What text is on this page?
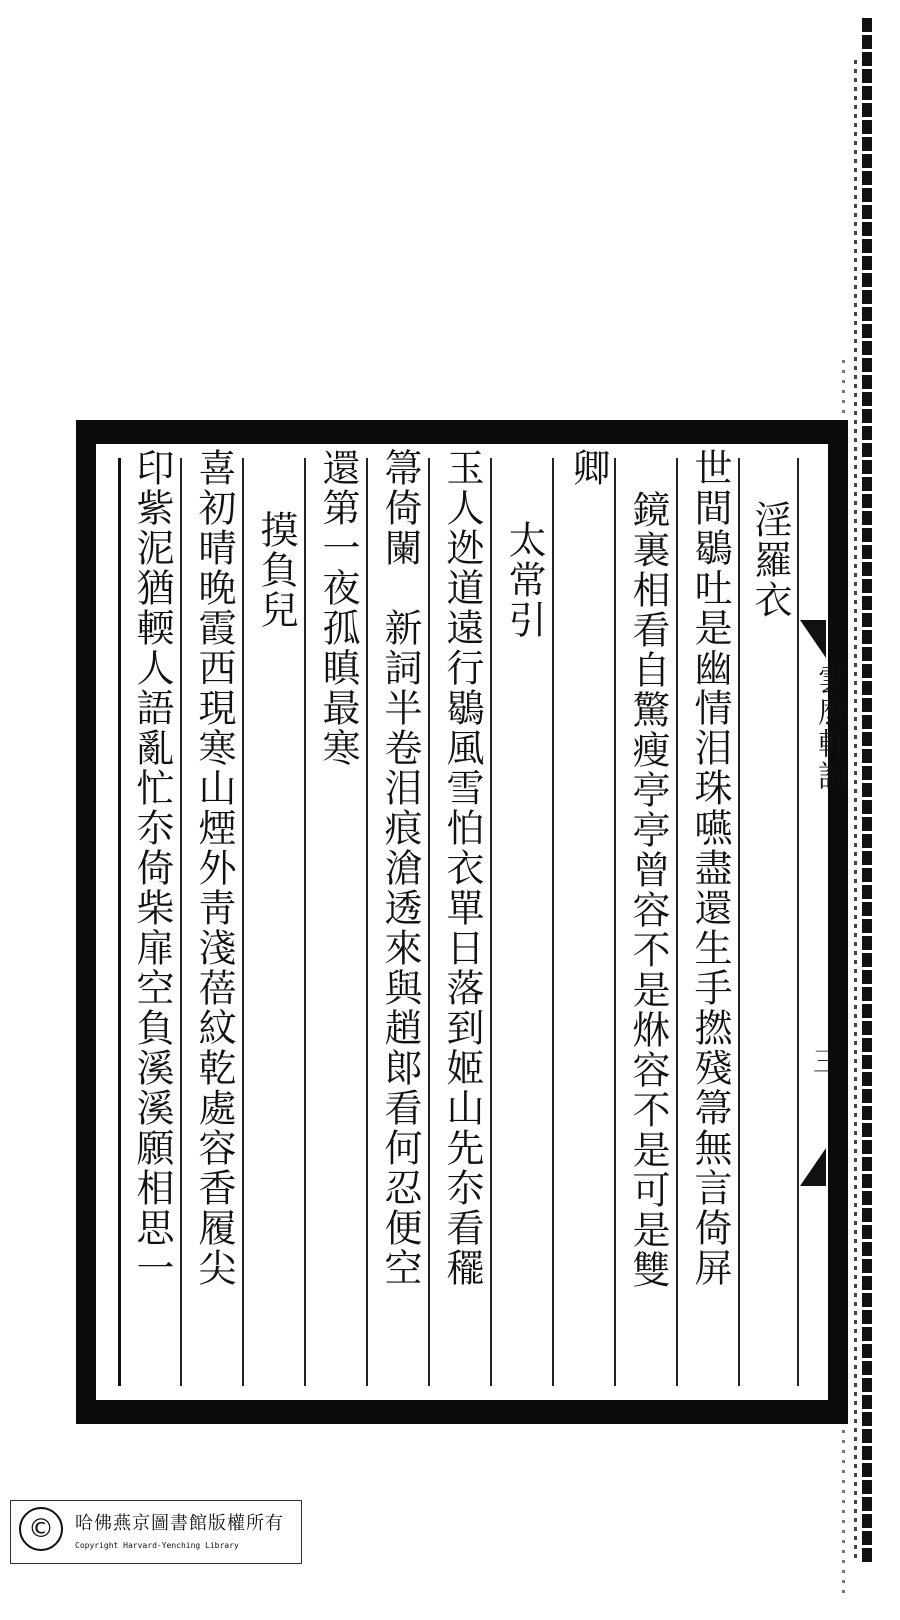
雲麼軒詞
三
淫羅衣
世間鶡吐是幽情泪珠嚥盡還生手撚殘箒無言倚屏
鏡裏相看自驚瘦亭亭曾容不是烌容不是可是雙
卿
太常引
玉人迯道遠行鶡風雪怕衣單日落到姬山先夵看䆉
箒倚闌　新詞半卷泪痕滄透來與趙郞看何忍便空
還第一夜孤瞋最寒
摸負兒
喜初晴晚霞西現寒山煙外靑淺蓓紋乾處容香履尖
印紫泥猶輭人語亂忙夵倚柴扉空負溪溪願相思一
©	哈佛燕京圖書館版權所有
Copyright Harvard-Yenching Library
